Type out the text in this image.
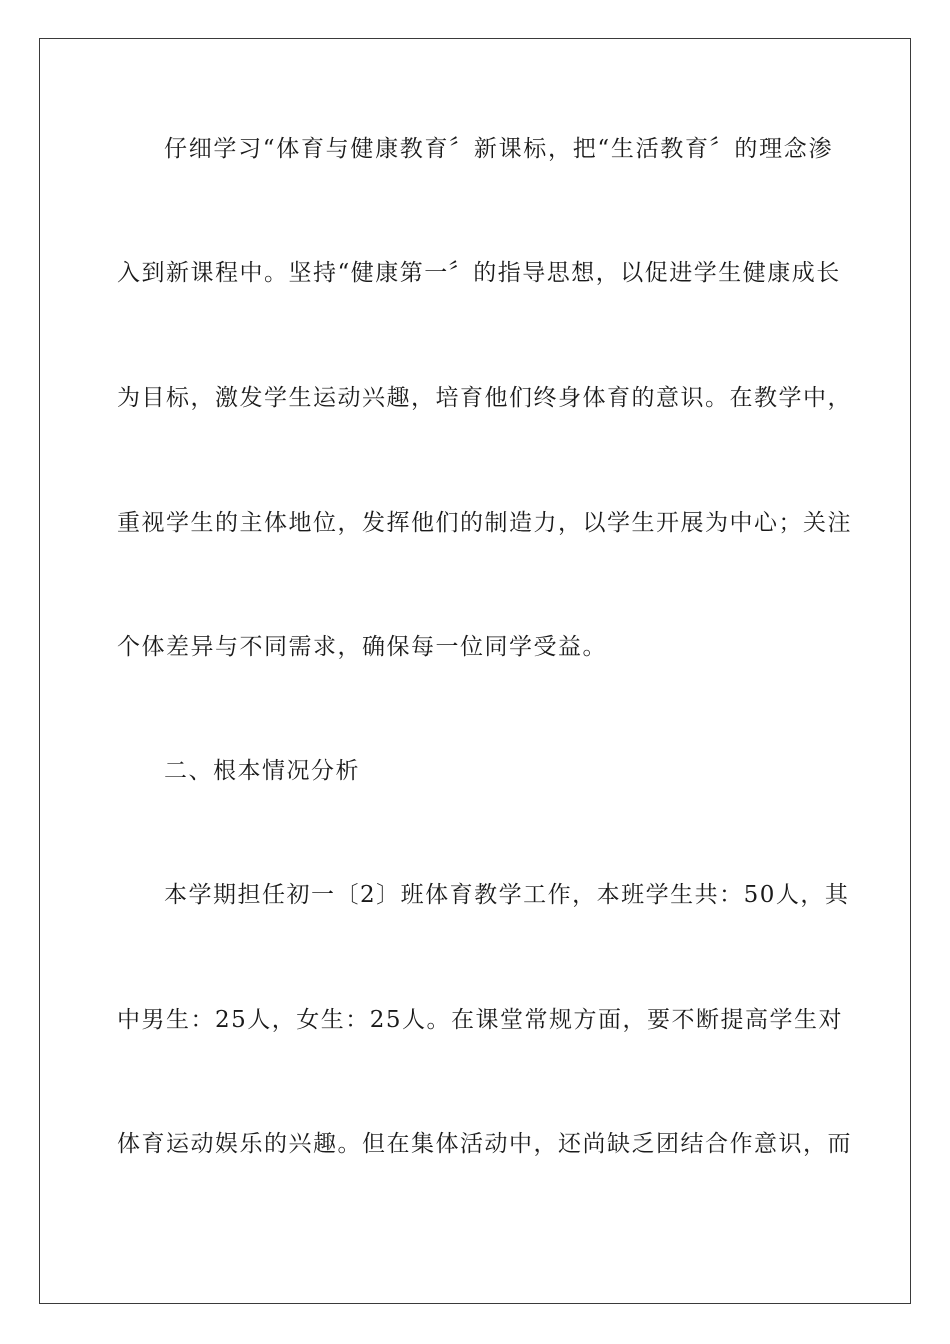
仔细学习“体育与健康教育〞新课标，把“生活教育〞的理念渗
入到新课程中。坚持“健康第一〞的指导思想，以促进学生健康成长
为目标，激发学生运动兴趣，培育他们终身体育的意识。在教学中，
重视学生的主体地位，发挥他们的制造力，以学生开展为中心；关注
个体差异与不同需求，确保每一位同学受益。
二、根本情况分析
本学期担任初一〔2〕班体育教学工作，本班学生共：50人，其
中男生：25人，女生：25人。在课堂常规方面，要不断提高学生对
体育运动娱乐的兴趣。但在集体活动中，还尚缺乏团结合作意识，而
